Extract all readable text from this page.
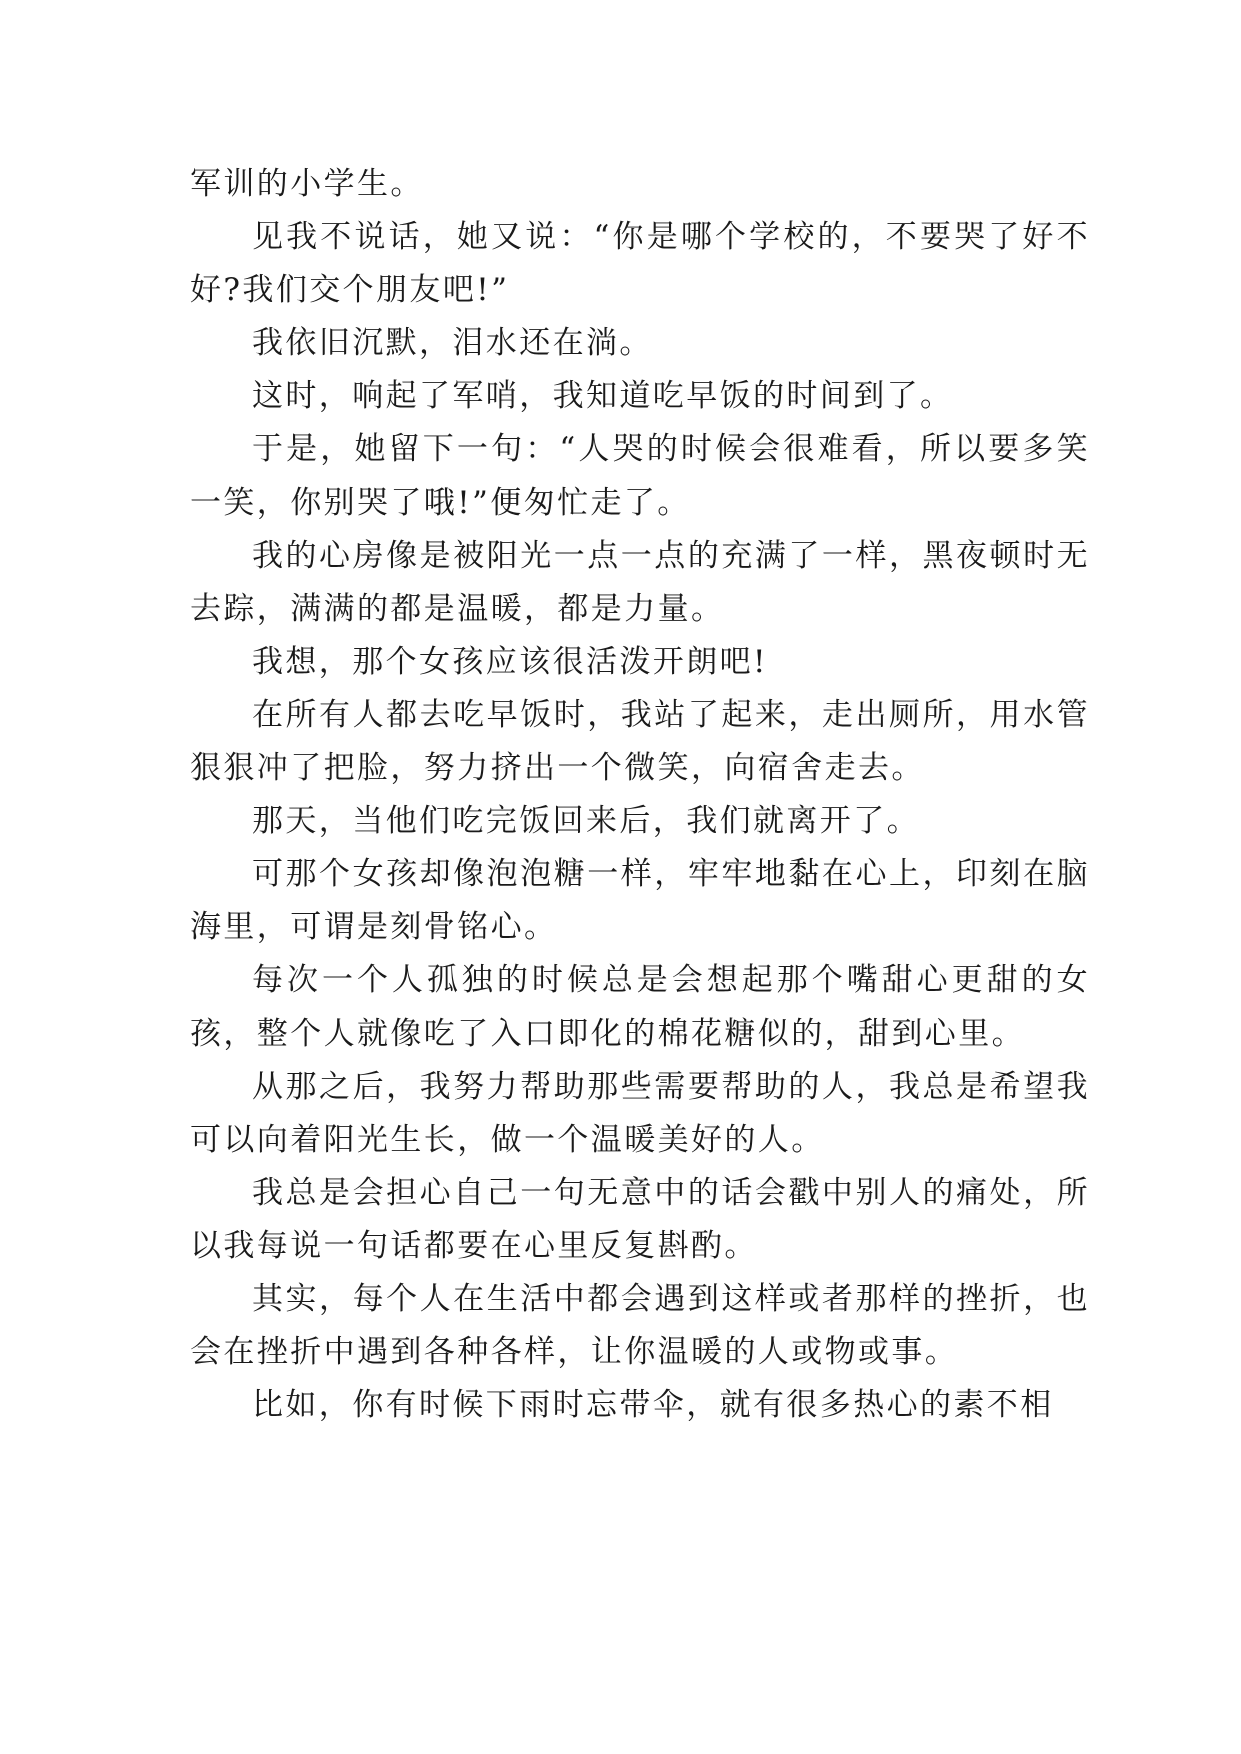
军训的小学生。

见我不说话，她又说：“你是哪个学校的，不要哭了好不好?我们交个朋友吧!”

我依旧沉默，泪水还在淌。

这时，响起了军哨，我知道吃早饭的时间到了。

于是，她留下一句：“人哭的时候会很难看，所以要多笑一笑，你别哭了哦!”便匆忙走了。

我的心房像是被阳光一点一点的充满了一样，黑夜顿时无去踪，满满的都是温暖，都是力量。

我想，那个女孩应该很活泼开朗吧!

在所有人都去吃早饭时，我站了起来，走出厕所，用水管狠狠冲了把脸，努力挤出一个微笑，向宿舍走去。

那天，当他们吃完饭回来后，我们就离开了。

可那个女孩却像泡泡糖一样，牢牢地黏在心上，印刻在脑海里，可谓是刻骨铭心。

每次一个人孤独的时候总是会想起那个嘴甜心更甜的女孩，整个人就像吃了入口即化的棉花糖似的，甜到心里。

从那之后，我努力帮助那些需要帮助的人，我总是希望我可以向着阳光生长，做一个温暖美好的人。

我总是会担心自己一句无意中的话会戳中别人的痛处，所以我每说一句话都要在心里反复斟酌。

其实，每个人在生活中都会遇到这样或者那样的挫折，也会在挫折中遇到各种各样，让你温暖的人或物或事。

比如，你有时候下雨时忘带伞，就有很多热心的素不相
